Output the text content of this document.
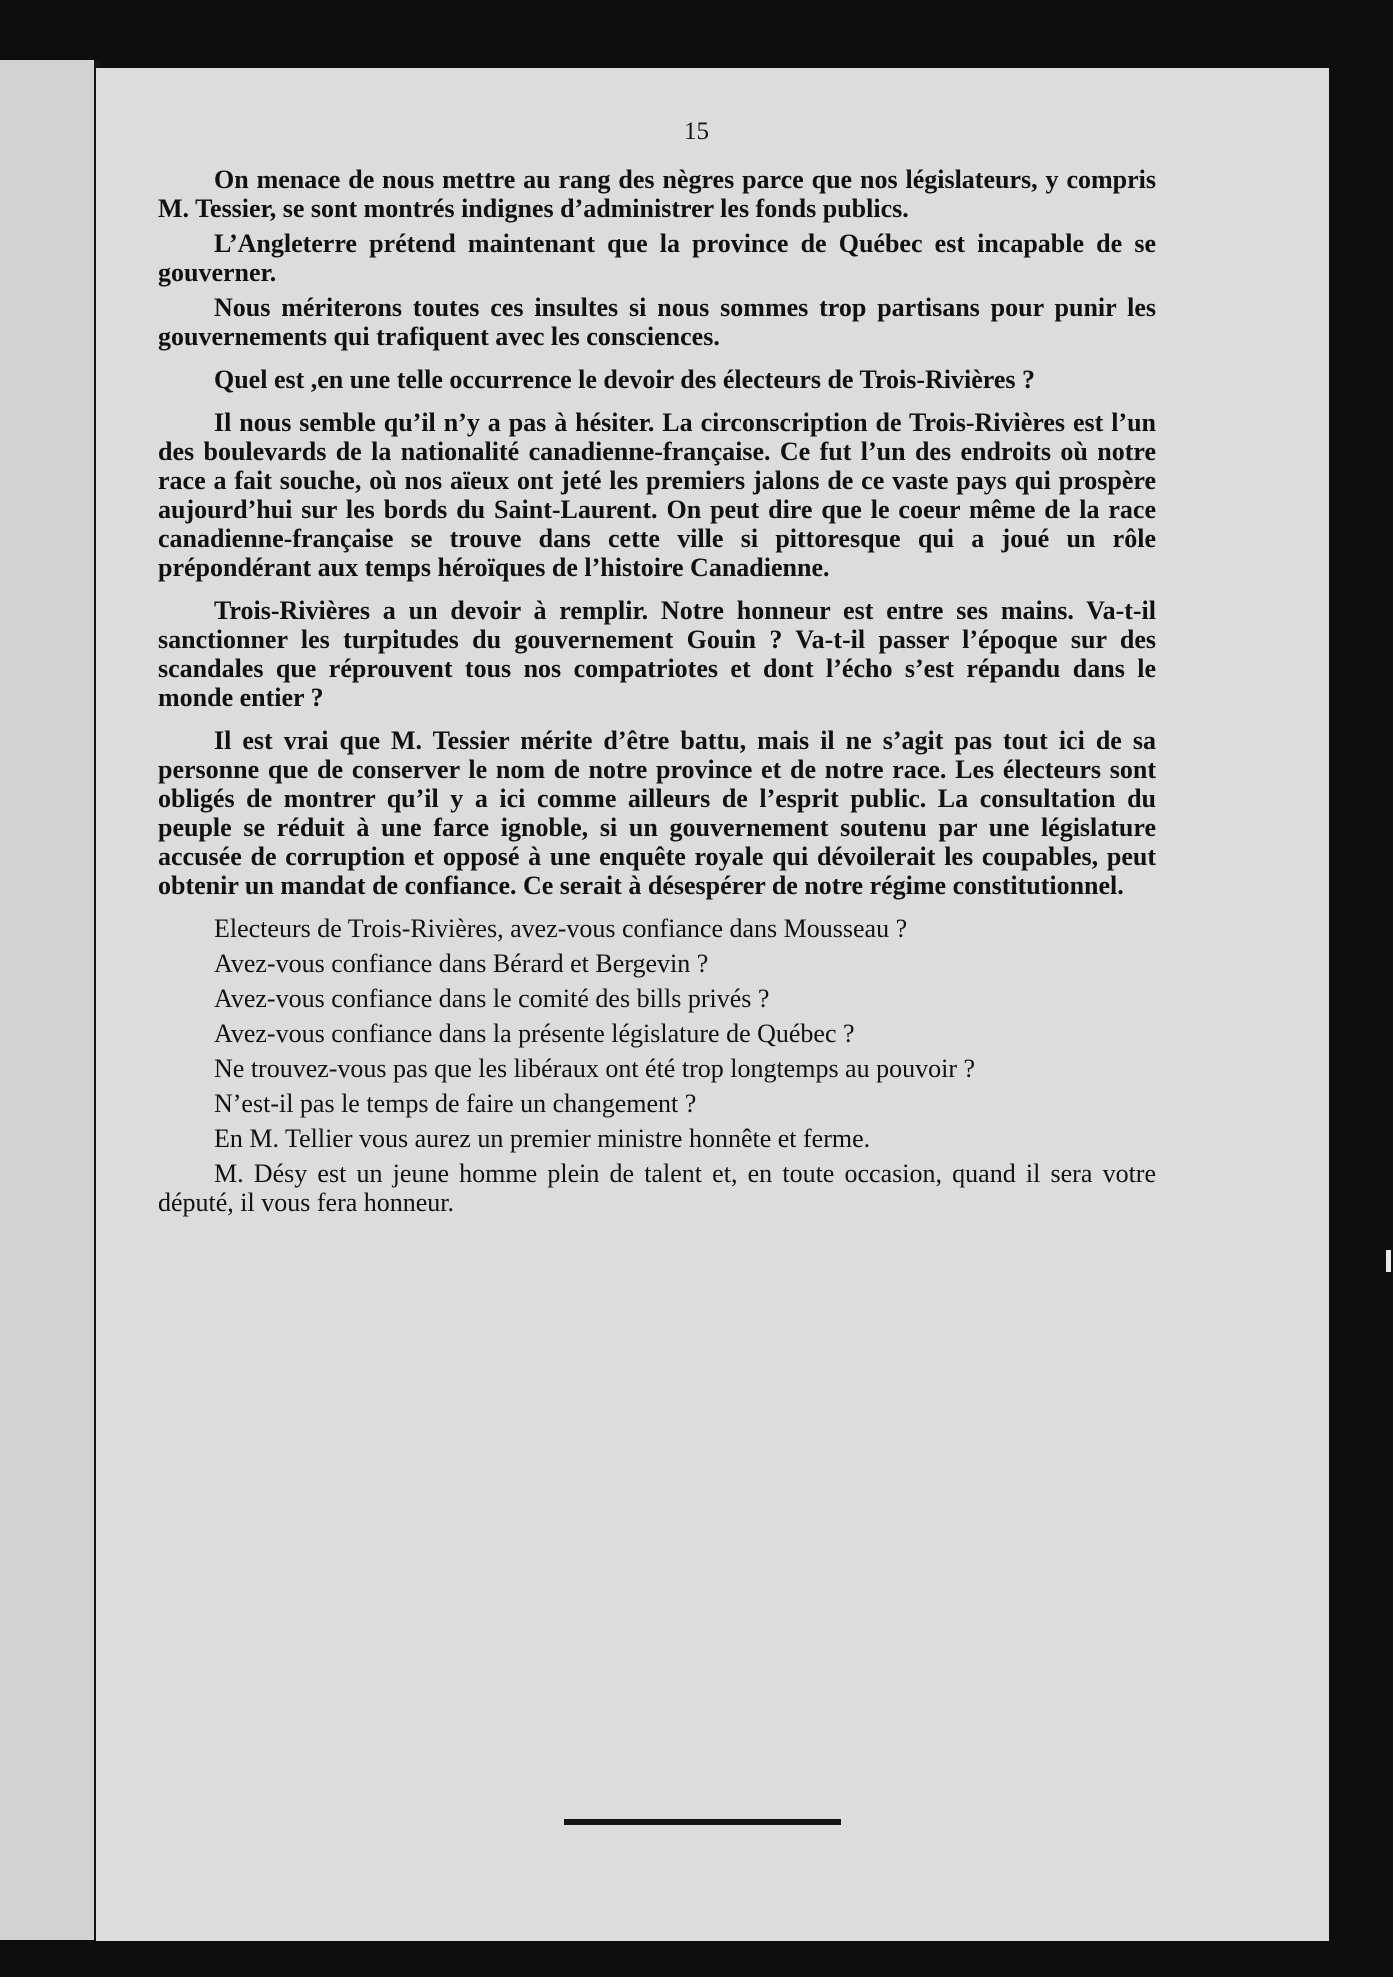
15

On menace de nous mettre au rang des nègres parce que nos législateurs, y compris M. Tessier, se sont montrés indignes d’administrer les fonds publics.

L’Angleterre prétend maintenant que la province de Québec est incapable de se gouverner.

Nous mériterons toutes ces insultes si nous sommes trop partisans pour punir les gouvernements qui trafiquent avec les consciences.

Quel est ,en une telle occurrence le devoir des électeurs de Trois-Rivières ?

Il nous semble qu’il n’y a pas à hésiter. La circonscription de Trois-Rivières est l’un des boulevards de la nationalité canadienne-française. Ce fut l’un des endroits où notre race a fait souche, où nos aïeux ont jeté les premiers jalons de ce vaste pays qui prospère aujourd’hui sur les bords du Saint-Laurent. On peut dire que le coeur même de la race canadienne-française se trouve dans cette ville si pittoresque qui a joué un rôle prépondérant aux temps héroïques de l’histoire Canadienne.

Trois-Rivières a un devoir à remplir. Notre honneur est entre ses mains. Va-t-il sanctionner les turpitudes du gouvernement Gouin ? Va-t-il passer l’époque sur des scandales que réprouvent tous nos compatriotes et dont l’écho s’est répandu dans le monde entier ?

Il est vrai que M. Tessier mérite d’être battu, mais il ne s’agit pas tout ici de sa personne que de conserver le nom de notre province et de notre race. Les électeurs sont obligés de montrer qu’il y a ici comme ailleurs de l’esprit public. La consultation du peuple se réduit à une farce ignoble, si un gouvernement soutenu par une législature accusée de corruption et opposé à une enquête royale qui dévoilerait les coupables, peut obtenir un mandat de confiance. Ce serait à désespérer de notre régime constitutionnel.

Electeurs de Trois-Rivières, avez-vous confiance dans Mousseau ?

Avez-vous confiance dans Bérard et Bergevin ?

Avez-vous confiance dans le comité des bills privés ?

Avez-vous confiance dans la présente législature de Québec ?

Ne trouvez-vous pas que les libéraux ont été trop longtemps au pouvoir ?

N’est-il pas le temps de faire un changement ?

En M. Tellier vous aurez un premier ministre honnête et ferme.

M. Désy est un jeune homme plein de talent et, en toute occasion, quand il sera votre député, il vous fera honneur.
